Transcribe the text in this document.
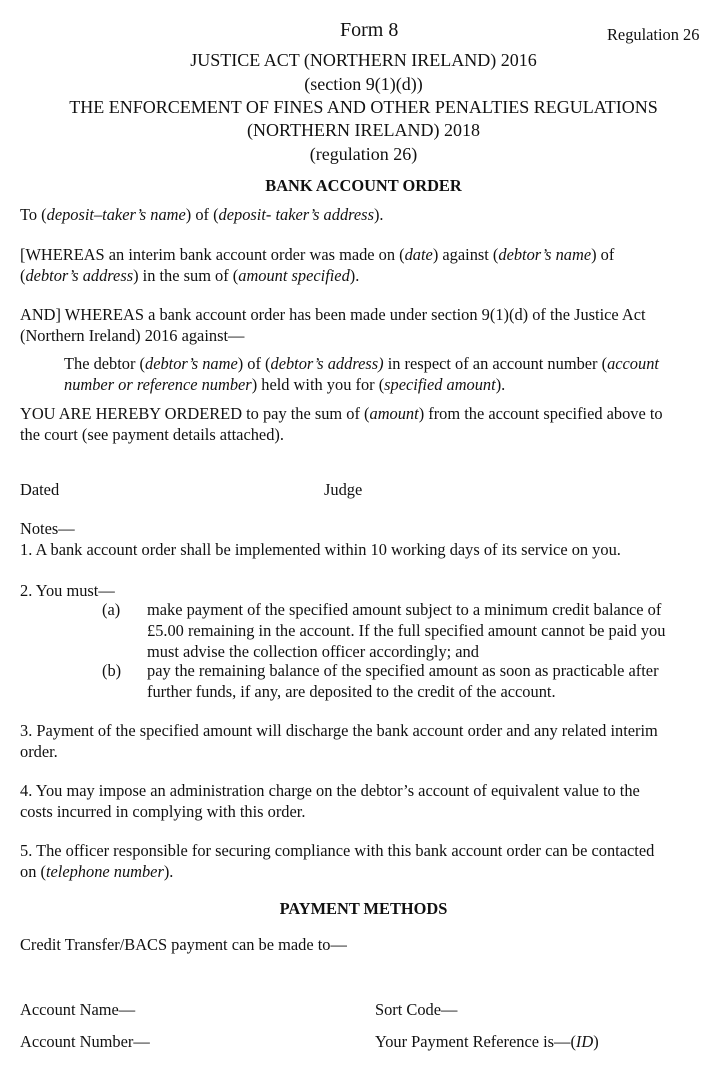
Form 8	Regulation 26
JUSTICE ACT (NORTHERN IRELAND) 2016
(section 9(1)(d))
THE ENFORCEMENT OF FINES AND OTHER PENALTIES REGULATIONS
(NORTHERN IRELAND) 2018
(regulation 26)
BANK ACCOUNT ORDER
To (deposit–taker’s name) of (deposit- taker’s address).
[WHEREAS an interim bank account order was made on (date) against (debtor’s name) of
(debtor’s address) in the sum of (amount specified).
AND] WHEREAS a bank account order has been made under section 9(1)(d) of the Justice Act
(Northern Ireland) 2016 against—
The debtor (debtor’s name) of (debtor’s address) in respect of an account number (account
number or reference number) held with you for (specified amount).
YOU ARE HEREBY ORDERED to pay the sum of (amount) from the account specified above to
the court (see payment details attached).
Dated	Judge
Notes—
1. A bank account order shall be implemented within 10 working days of its service on you.
2. You must—
(a) make payment of the specified amount subject to a minimum credit balance of
£5.00 remaining in the account. If the full specified amount cannot be paid you
must advise the collection officer accordingly; and
(b) pay the remaining balance of the specified amount as soon as practicable after
further funds, if any, are deposited to the credit of the account.
3. Payment of the specified amount will discharge the bank account order and any related interim
order.
4. You may impose an administration charge on the debtor’s account of equivalent value to the
costs incurred in complying with this order.
5. The officer responsible for securing compliance with this bank account order can be contacted
on (telephone number).
PAYMENT METHODS
Credit Transfer/BACS payment can be made to—
Account Name—	Sort Code—
Account Number—	Your Payment Reference is—(ID)
